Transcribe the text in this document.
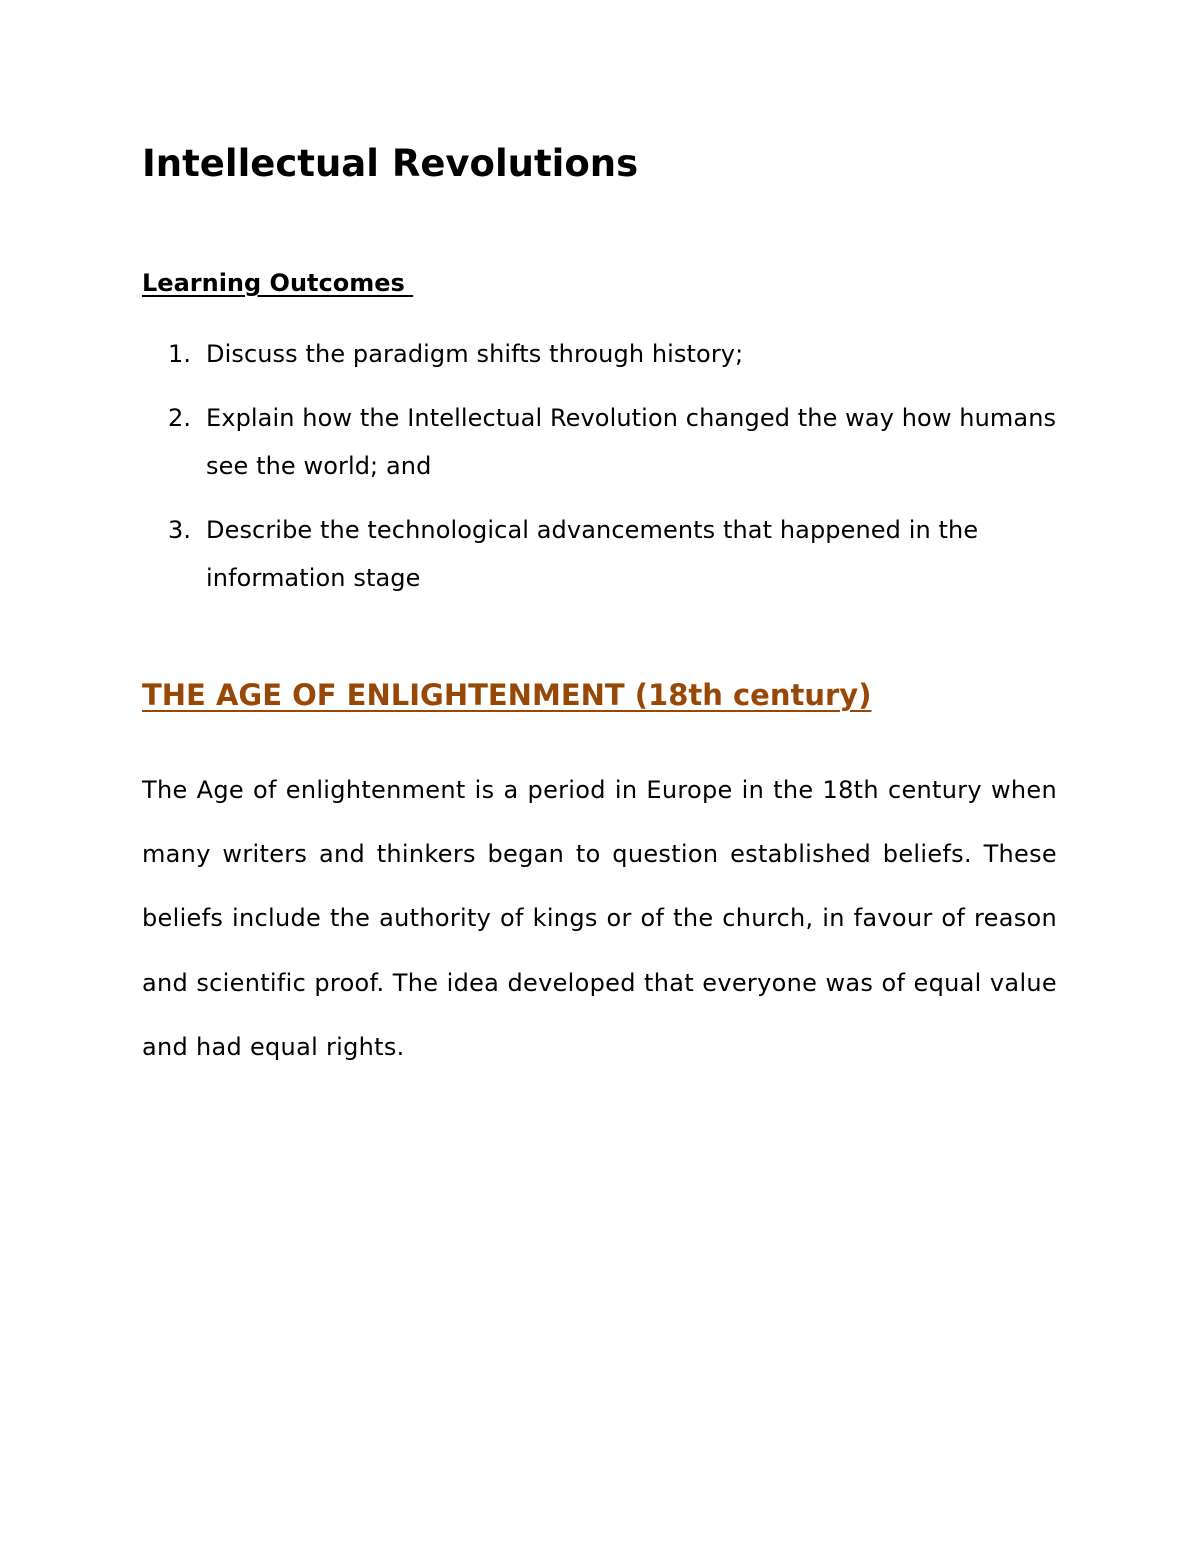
Intellectual Revolutions
Learning Outcomes
1. Discuss the paradigm shifts through history;
2. Explain how the Intellectual Revolution changed the way how humans see the world; and
3. Describe the technological advancements that happened in the information stage
THE AGE OF ENLIGHTENMENT (18th century)

The Age of enlightenment is a period in Europe in the 18th century when many writers and thinkers began to question established beliefs. These beliefs include the authority of kings or of the church, in favour of reason and scientific proof. The idea developed that everyone was of equal value and had equal rights.
